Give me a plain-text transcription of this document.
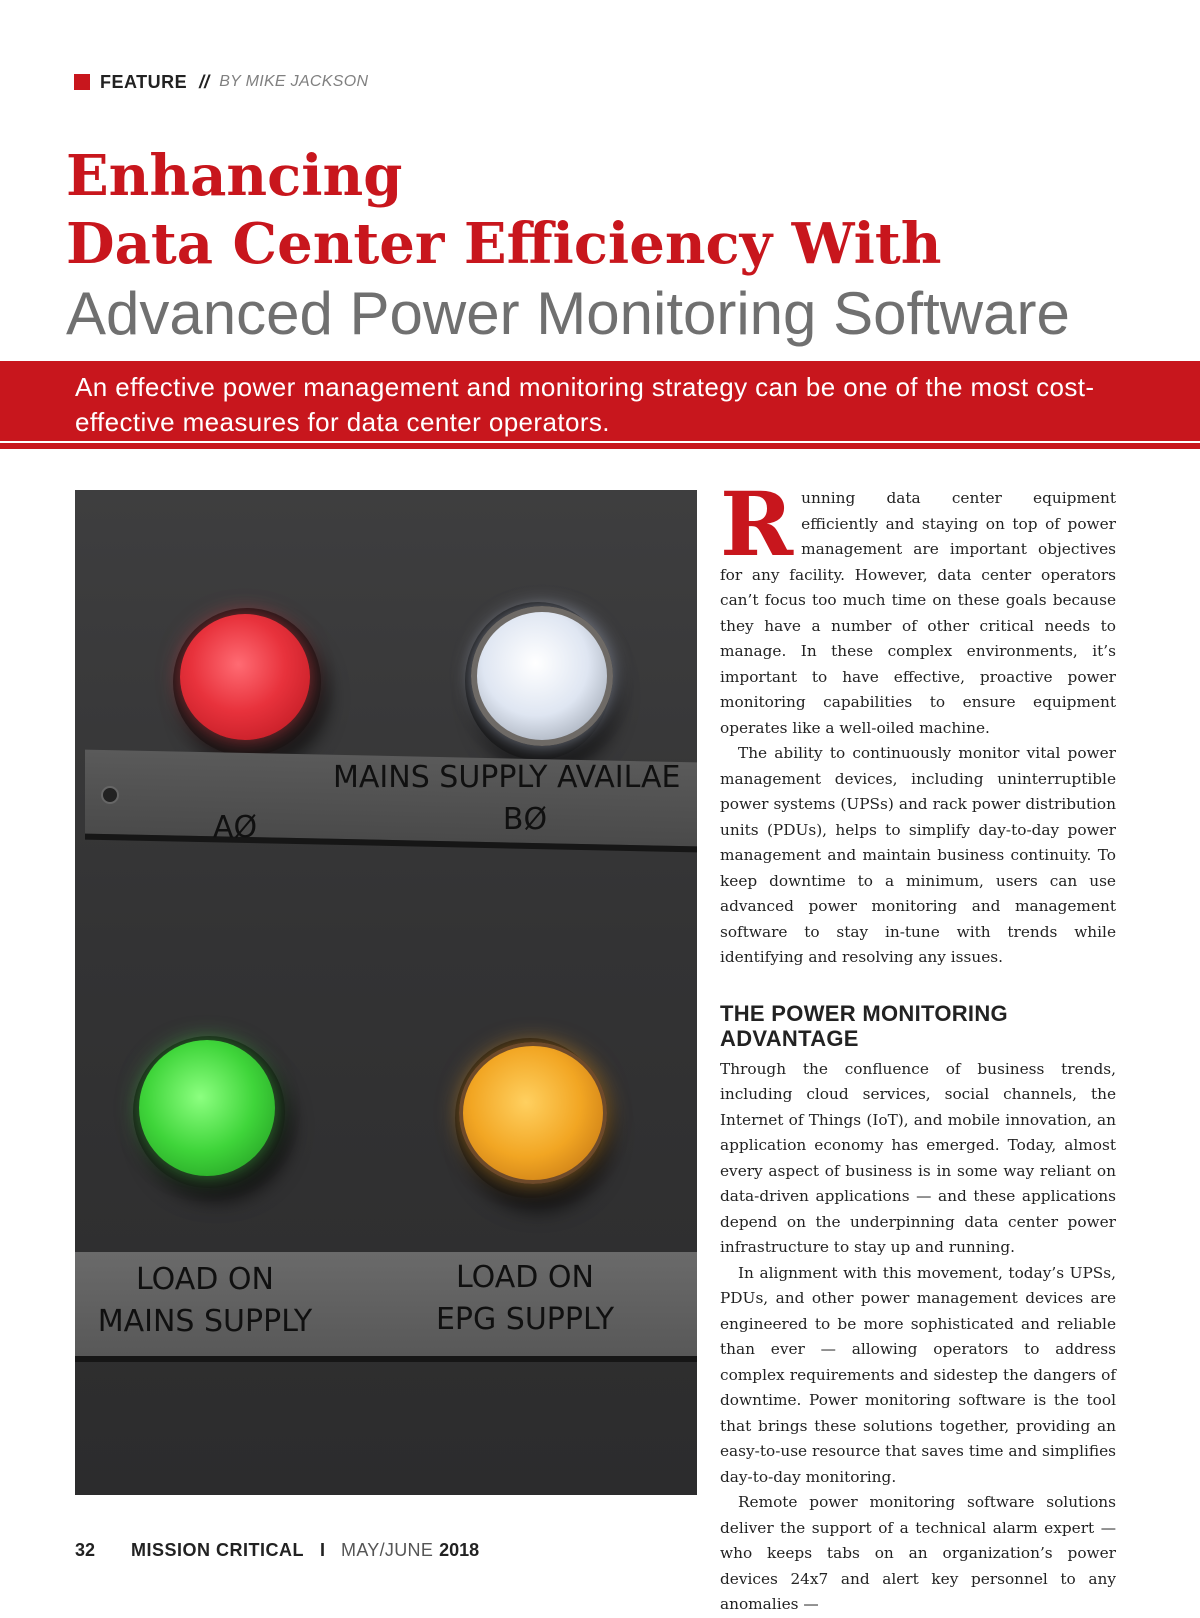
FEATURE // BY MIKE JACKSON
Enhancing
Data Center Efficiency With
Advanced Power Monitoring Software
An effective power management and monitoring strategy can be one of the most cost-effective measures for data center operators.
AØ
MAINS SUPPLY AVAILAE
BØ
LOAD ON
MAINS SUPPLY
LOAD ON
EPG SUPPLY
R unning data center equipment efficiently and staying on top of power management are important objectives for any facility. However, data center operators can’t focus too much time on these goals because they have a number of other critical needs to manage. In these complex environments, it’s important to have effective, proactive power monitoring capabilities to ensure equipment operates like a well-oiled machine.

The ability to continuously monitor vital power management devices, including uninterruptible power systems (UPSs) and rack power distribution units (PDUs), helps to simplify day-to-day power management and maintain business continuity. To keep downtime to a minimum, users can use advanced power monitoring and management software to stay in-tune with trends while identifying and resolving any issues.

THE POWER MONITORING
ADVANTAGE

Through the confluence of business trends, including cloud services, social channels, the Internet of Things (IoT), and mobile innovation, an application economy has emerged. Today, almost every aspect of business is in some way reliant on data-driven applications — and these applications depend on the underpinning data center power infrastructure to stay up and running.

In alignment with this movement, today’s UPSs, PDUs, and other power management devices are engineered to be more sophisticated and reliable than ever — allowing operators to address complex requirements and sidestep the dangers of downtime. Power monitoring software is the tool that brings these solutions together, providing an easy-to-use resource that saves time and simplifies day-to-day monitoring.

Remote power monitoring software solutions deliver the support of a technical alarm expert — who keeps tabs on an organization’s power devices 24x7 and alert key personnel to any anomalies —

32 MISSION CRITICAL I MAY/JUNE 2018
